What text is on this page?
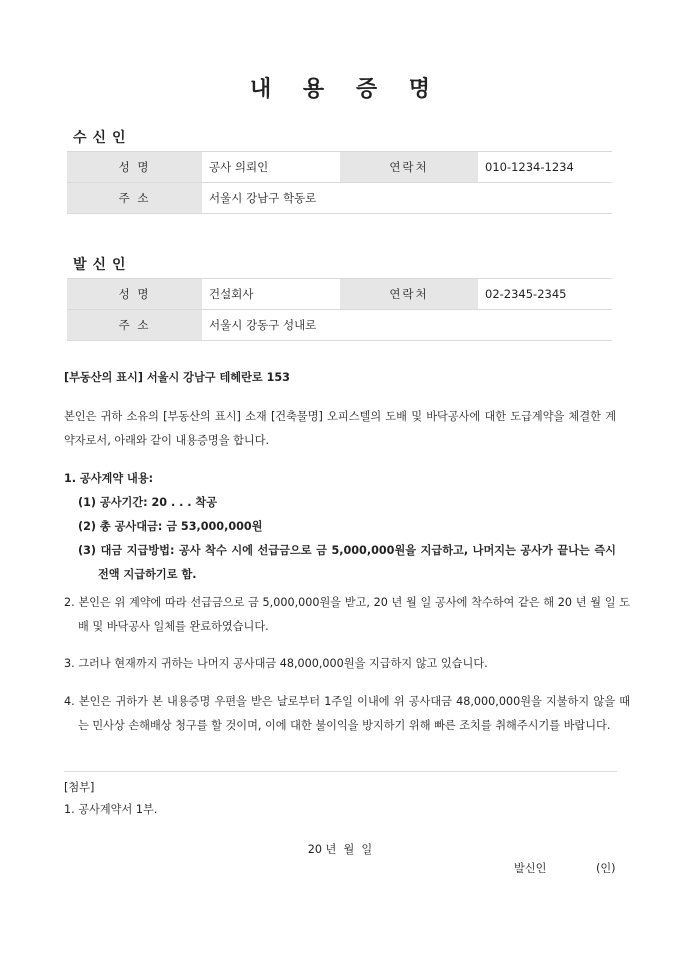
내 용 증 명
수신인
성 명	공사 의뢰인	연락처	010-1234-1234
주 소	서울시 강남구 학동로		
발신인
성 명	건설회사	연락처	02-2345-2345
주 소	서울시 강동구 성내로		
[부동산의 표시] 서울시 강남구 테헤란로 153
본인은 귀하 소유의 [부동산의 표시] 소재 [건축물명] 오피스텔의 도배 및 바닥공사에 대한 도급계약을 체결한 계약자로서, 아래와 같이 내용증명을 합니다.
1. 공사계약 내용:
(1) 공사기간: 20 . . . 착공
(2) 총 공사대금: 금 53,000,000원
(3) 대금 지급방법: 공사 착수 시에 선급금으로 금 5,000,000원을 지급하고, 나머지는 공사가 끝나는 즉시 전액 지급하기로 함.
2. 본인은 위 계약에 따라 선급금으로 금 5,000,000원을 받고, 20 년 월 일 공사에 착수하여 같은 해 20 년 월 일 도배 및 바닥공사 일체를 완료하였습니다.
3. 그러나 현재까지 귀하는 나머지 공사대금 48,000,000원을 지급하지 않고 있습니다.
4. 본인은 귀하가 본 내용증명 우편을 받은 날로부터 1주일 이내에 위 공사대금 48,000,000원을 지불하지 않을 때는 민사상 손해배상 청구를 할 것이며, 이에 대한 불이익을 방지하기 위해 빠른 조치를 취해주시기를 바랍니다.
[첨부]
1. 공사계약서 1부.
20 년  월  일
발신인	(인)
